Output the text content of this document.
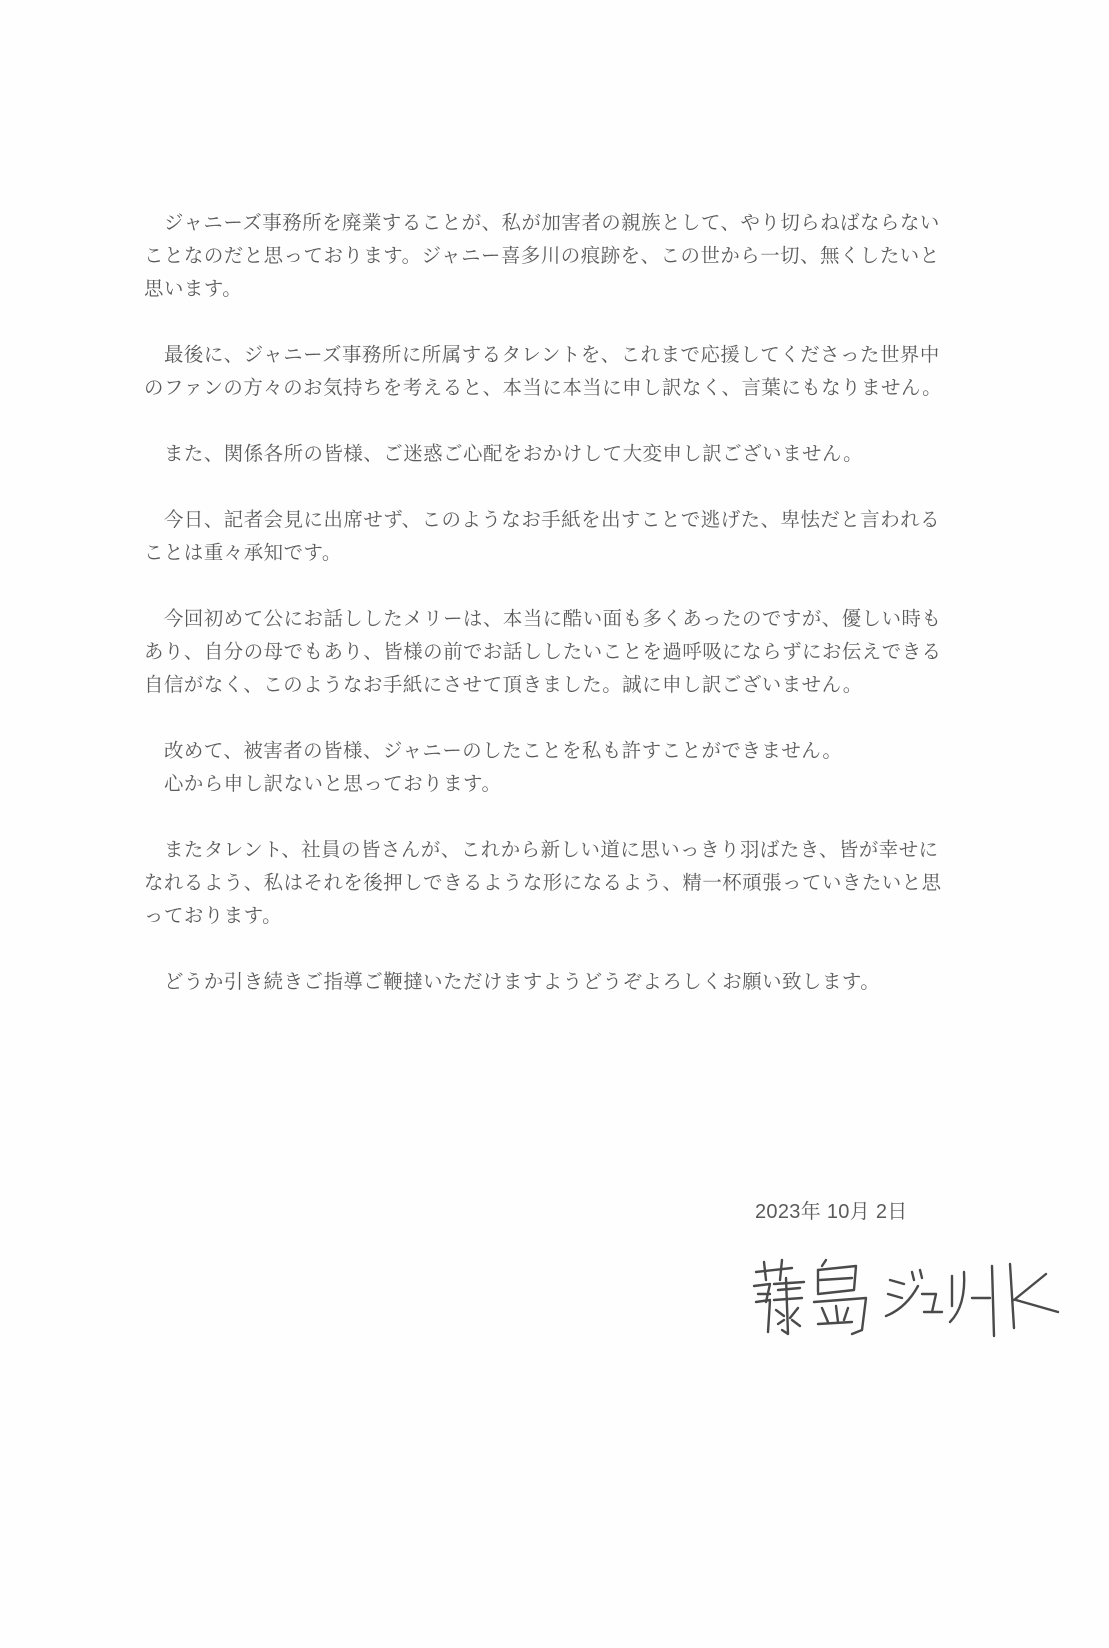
　ジャニーズ事務所を廃業することが、私が加害者の親族として、やり切らねばならない
ことなのだと思っております。ジャニー喜多川の痕跡を、この世から一切、無くしたいと
思います。

　最後に、ジャニーズ事務所に所属するタレントを、これまで応援してくださった世界中
のファンの方々のお気持ちを考えると、本当に本当に申し訳なく、言葉にもなりません。

　また、関係各所の皆様、ご迷惑ご心配をおかけして大変申し訳ございません。

　今日、記者会見に出席せず、このようなお手紙を出すことで逃げた、卑怯だと言われる
ことは重々承知です。

　今回初めて公にお話ししたメリーは、本当に酷い面も多くあったのですが、優しい時も
あり、自分の母でもあり、皆様の前でお話ししたいことを過呼吸にならずにお伝えできる
自信がなく、このようなお手紙にさせて頂きました。誠に申し訳ございません。

　改めて、被害者の皆様、ジャニーのしたことを私も許すことができません。
　心から申し訳ないと思っております。

　またタレント、社員の皆さんが、これから新しい道に思いっきり羽ばたき、皆が幸せに
なれるよう、私はそれを後押しできるような形になるよう、精一杯頑張っていきたいと思
っております。

　どうか引き続きご指導ご鞭撻いただけますようどうぞよろしくお願い致します。

2023年 10月 2日
